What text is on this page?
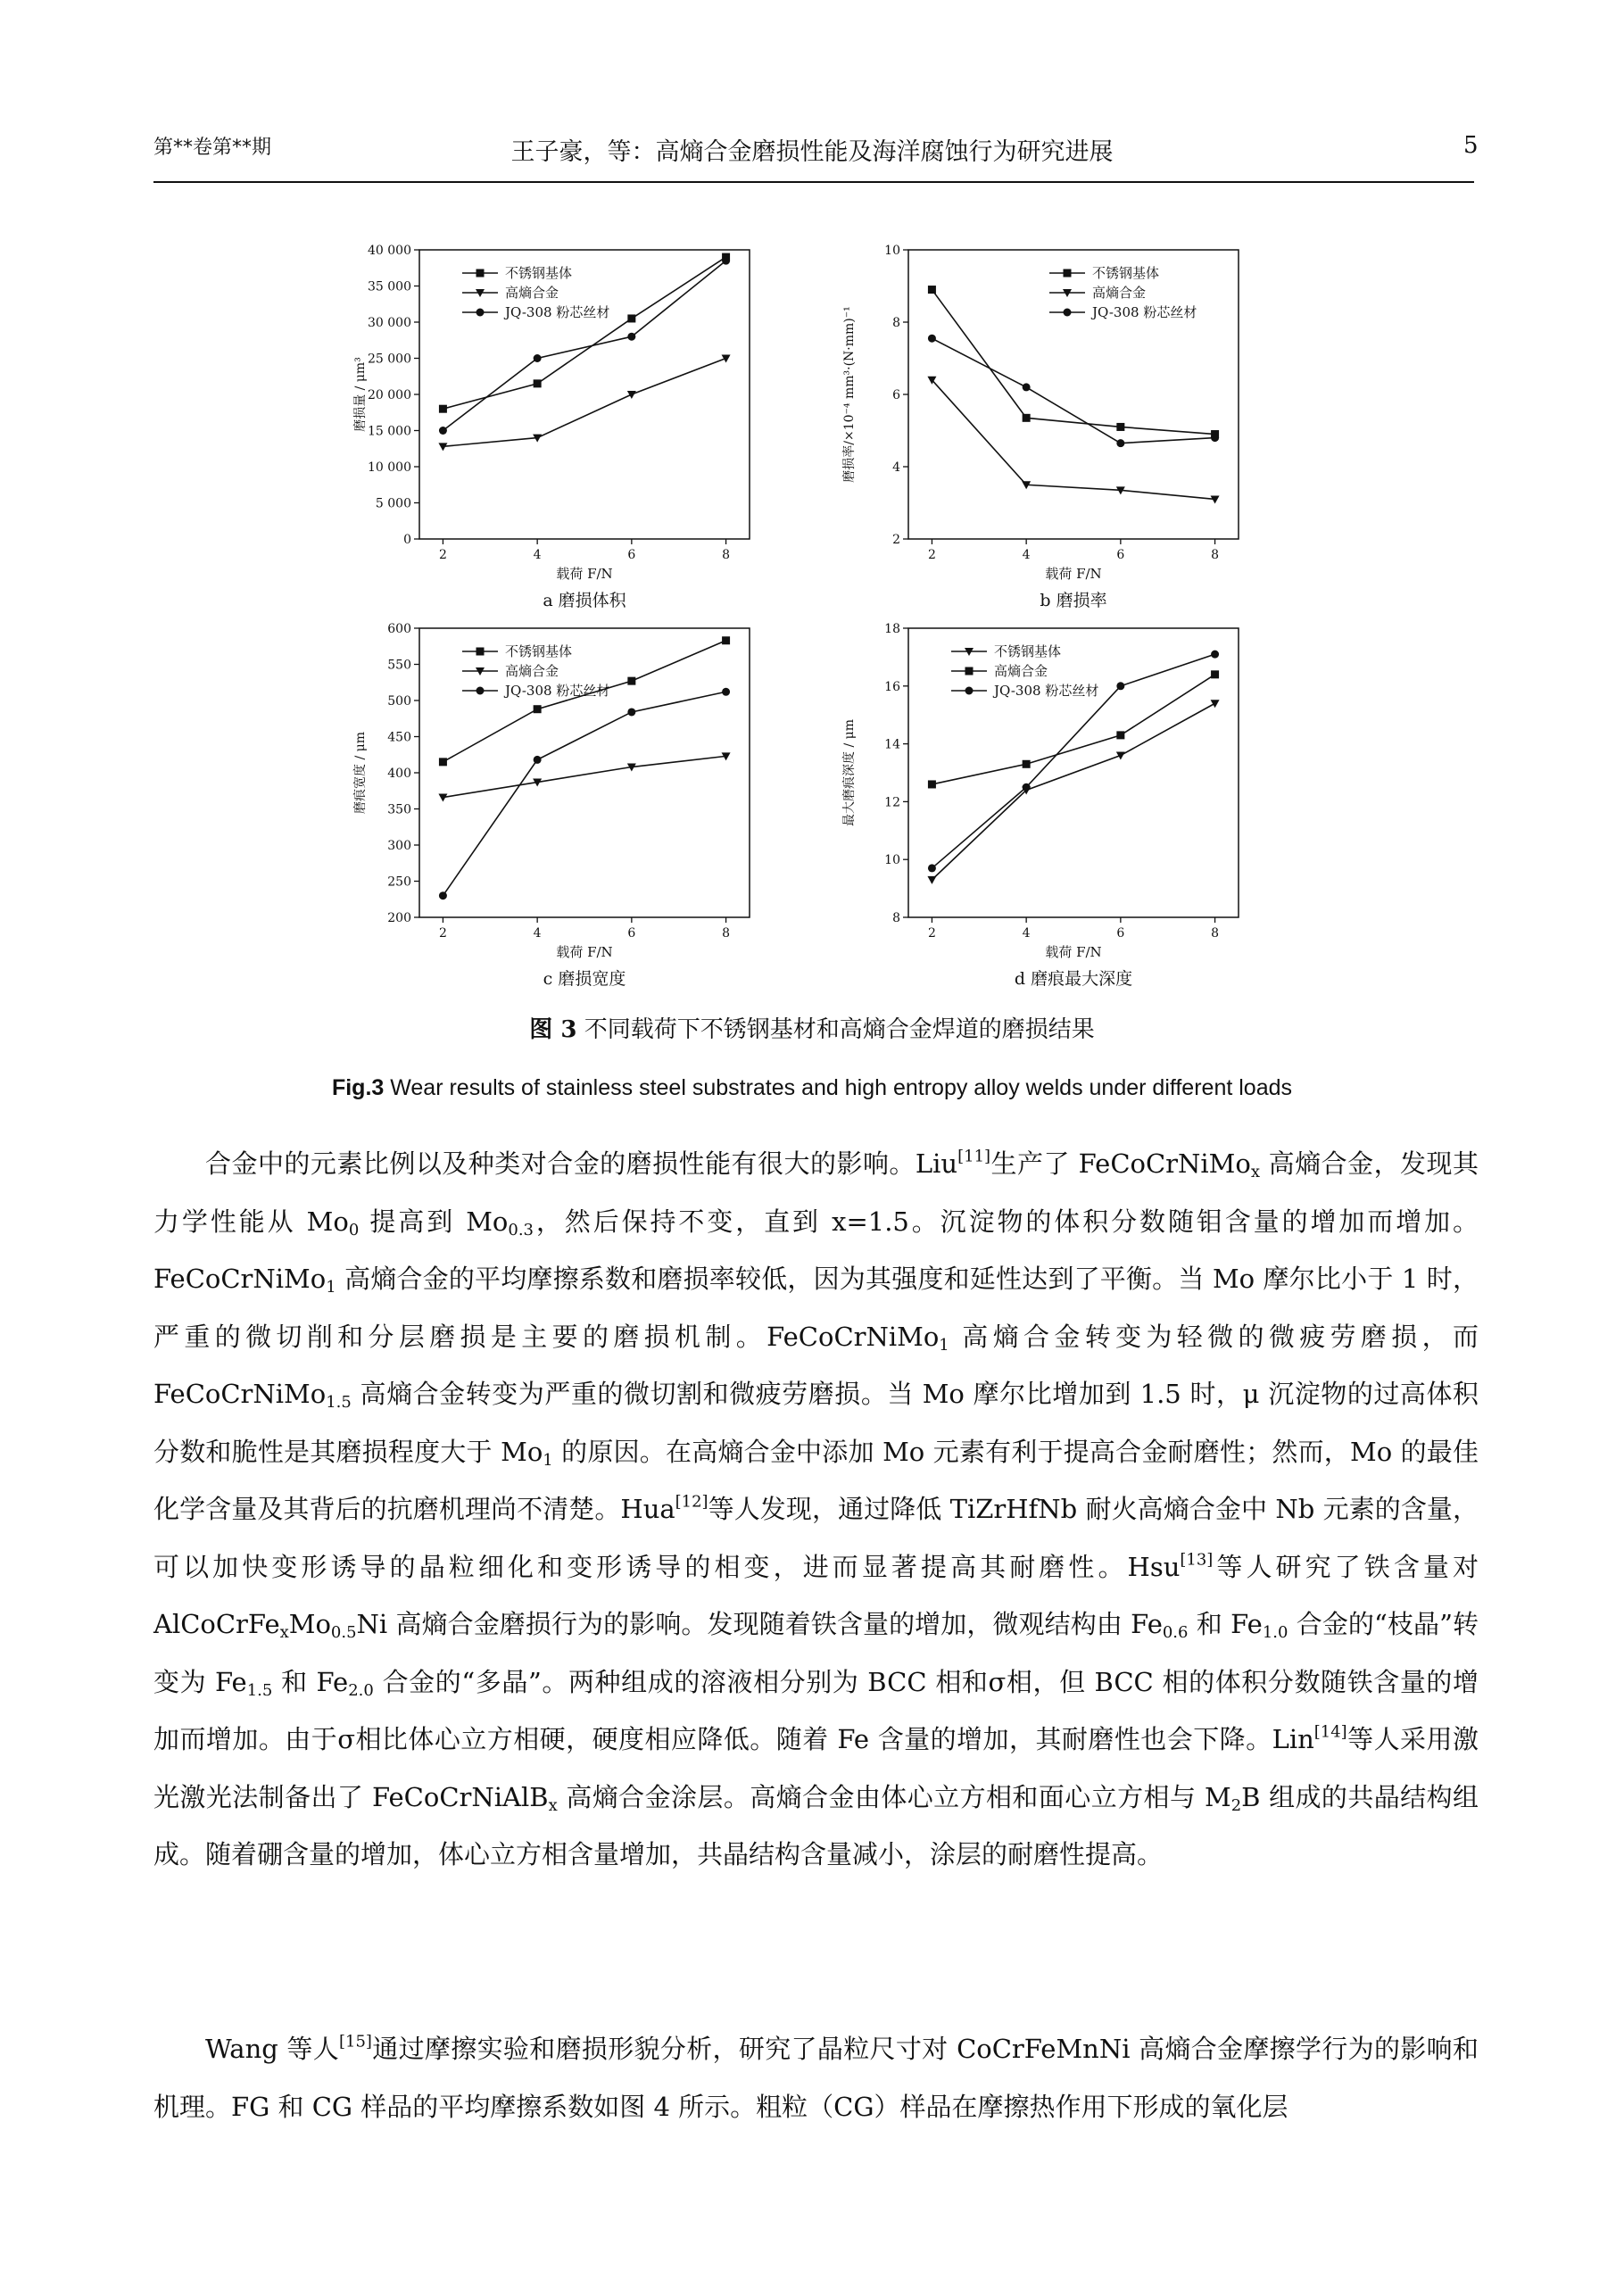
第**卷第**期	王子豪，等：高熵合金磨损性能及海洋腐蚀行为研究进展	5
0
5 000
10 000
15 000
20 000
25 000
30 000
35 000
40 000
2	4	6	8
载荷 F/N
a 磨损体积
磨损量 / μm³
不锈钢基体
高熵合金
JQ-308 粉芯丝材
2
4
6
8
10
2	4	6	8
载荷 F/N
b 磨损率
磨损率/×10⁻⁴ mm³·(N·mm)⁻¹
不锈钢基体
高熵合金
JQ-308 粉芯丝材
200
250
300
350
400
450
500
550
600
2	4	6	8
载荷 F/N
c 磨损宽度
磨痕宽度 / μm
不锈钢基体
高熵合金
JQ-308 粉芯丝材
8
10
12
14
16
18
2	4	6	8
载荷 F/N
d 磨痕最大深度
最大磨痕深度 / μm
不锈钢基体
高熵合金
JQ-308 粉芯丝材
图 3 不同载荷下不锈钢基材和高熵合金焊道的磨损结果
Fig.3 Wear results of stainless steel substrates and high entropy alloy welds under different loads
合金中的元素比例以及种类对合金的磨损性能有很大的影响。Liu[11]生产了 FeCoCrNiMo$_x$ 高熵合金，发现其力学性能从 $Mo_0$ 提高到 $Mo_{0.3}$，然后保持不变，直到 x=1.5。沉淀物的体积分数随钼含量的增加而增加。FeCoCrNiMo$_1$ 高熵合金的平均摩擦系数和磨损率较低，因为其强度和延性达到了平衡。当 Mo 摩尔比小于 1 时，严重的微切削和分层磨损是主要的磨损机制。FeCoCrNiMo$_1$ 高熵合金转变为轻微的微疲劳磨损，而 FeCoCrNiMo$_{1.5}$ 高熵合金转变为严重的微切割和微疲劳磨损。当 Mo 摩尔比增加到 1.5 时，μ 沉淀物的过高体积分数和脆性是其磨损程度大于 $Mo_1$ 的原因。在高熵合金中添加 Mo 元素有利于提高合金耐磨性；然而，Mo 的最佳化学含量及其背后的抗磨机理尚不清楚。Hua[12]等人发现，通过降低 TiZrHfNb 耐火高熵合金中 Nb 元素的含量，可以加快变形诱导的晶粒细化和变形诱导的相变，进而显著提高其耐磨性。Hsu[13]等人研究了铁含量对 $AlCoCrFe_xMo_{0.5}Ni$ 高熵合金磨损行为的影响。发现随着铁含量的增加，微观结构由 $Fe_{0.6}$ 和 $Fe_{1.0}$ 合金的“枝晶”转变为 $Fe_{1.5}$ 和 $Fe_{2.0}$ 合金的“多晶”。两种组成的溶液相分别为 BCC 相和σ相，但 BCC 相的体积分数随铁含量的增加而增加。由于σ相比体心立方相硬，硬度相应降低。随着 Fe 含量的增加，其耐磨性也会下降。Lin[14]等人采用激光激光法制备出了 FeCoCrNiAlB$_x$ 高熵合金涂层。高熵合金由体心立方相和面心立方相与 $M_2B$ 组成的共晶结构组成。随着硼含量的增加，体心立方相含量增加，共晶结构含量减小，涂层的耐磨性提高。
Wang 等人[15]通过摩擦实验和磨损形貌分析，研究了晶粒尺寸对 CoCrFeMnNi 高熵合金摩擦学行为的影响和机理。FG 和 CG 样品的平均摩擦系数如图 4 所示。粗粒（CG）样品在摩擦热作用下形成的氧化层
